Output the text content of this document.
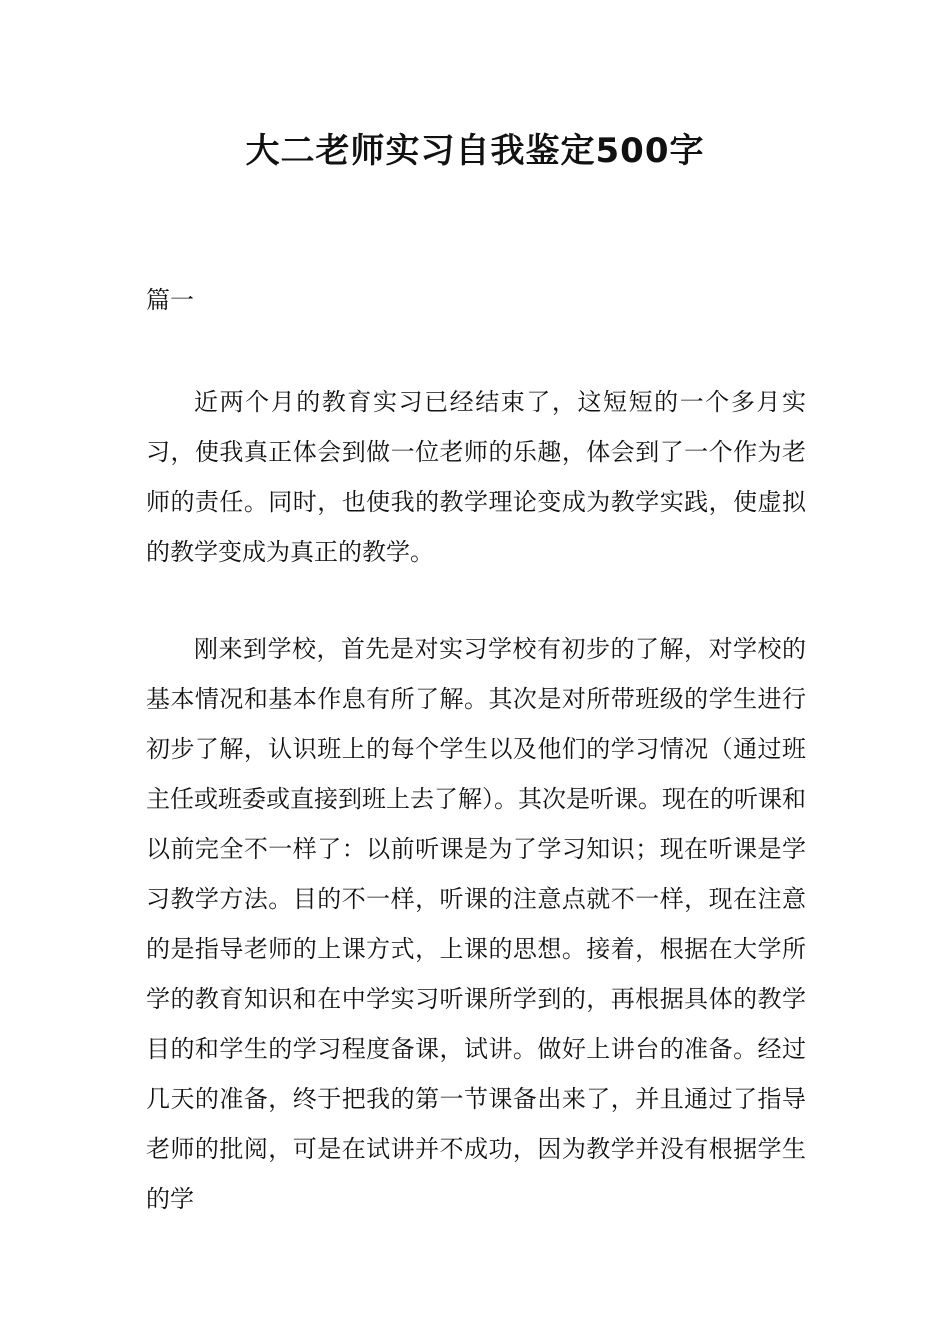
大二老师实习自我鉴定500字

篇一

近两个月的教育实习已经结束了，这短短的一个多月实习，使我真正体会到做一位老师的乐趣，体会到了一个作为老师的责任。同时，也使我的教学理论变成为教学实践，使虚拟的教学变成为真正的教学。

刚来到学校，首先是对实习学校有初步的了解，对学校的基本情况和基本作息有所了解。其次是对所带班级的学生进行初步了解，认识班上的每个学生以及他们的学习情况（通过班主任或班委或直接到班上去了解）。其次是听课。现在的听课和以前完全不一样了：以前听课是为了学习知识；现在听课是学习教学方法。目的不一样，听课的注意点就不一样，现在注意的是指导老师的上课方式，上课的思想。接着，根据在大学所学的教育知识和在中学实习听课所学到的，再根据具体的教学目的和学生的学习程度备课，试讲。做好上讲台的准备。经过几天的准备，终于把我的第一节课备出来了，并且通过了指导老师的批阅，可是在试讲并不成功，因为教学并没有根据学生的学
